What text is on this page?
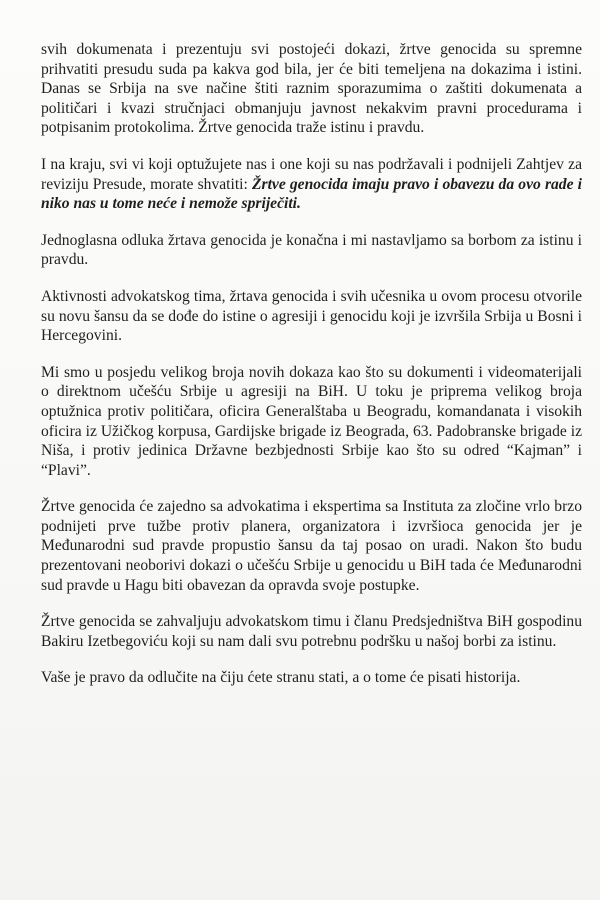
svih dokumenata i prezentuju svi postojeći dokazi, žrtve genocida su spremne prihvatiti presudu suda pa kakva god bila, jer će biti temeljena na dokazima i istini. Danas se Srbija na sve načine štiti raznim sporazumima o zaštiti dokumenata a političari i kvazi stručnjaci obmanjuju javnost nekakvim pravni procedurama i potpisanim protokolima. Žrtve genocida traže istinu i pravdu.

I na kraju, svi vi koji optužujete nas i one koji su nas podržavali i podnijeli Zahtjev za reviziju Presude, morate shvatiti: Žrtve genocida imaju pravo i obavezu da ovo rade i niko nas u tome neće i nemože spriječiti.

Jednoglasna odluka žrtava genocida je konačna i mi nastavljamo sa borbom za istinu i pravdu.

Aktivnosti advokatskog tima, žrtava genocida i svih učesnika u ovom procesu otvorile su novu šansu da se dođe do istine o agresiji i genocidu koji je izvršila Srbija u Bosni i Hercegovini.

Mi smo u posjedu velikog broja novih dokaza kao što su dokumenti i videomaterijali o direktnom učešću Srbije u agresiji na BiH. U toku je priprema velikog broja optužnica protiv političara, oficira Generalštaba u Beogradu, komandanata i visokih oficira iz Užičkog korpusa, Gardijske brigade iz Beograda, 63. Padobranske brigade iz Niša, i protiv jedinica Državne bezbjednosti Srbije kao što su odred “Kajman” i “Plavi”.

Žrtve genocida će zajedno sa advokatima i ekspertima sa Instituta za zločine vrlo brzo podnijeti prve tužbe protiv planera, organizatora i izvršioca genocida jer je Međunarodni sud pravde propustio šansu da taj posao on uradi. Nakon što budu prezentovani neoborivi dokazi o učešću Srbije u genocidu u BiH tada će Međunarodni sud pravde u Hagu biti obavezan da opravda svoje postupke.

Žrtve genocida se zahvaljuju advokatskom timu i članu Predsjedništva BiH gospodinu Bakiru Izetbegoviću koji su nam dali svu potrebnu podršku u našoj borbi za istinu.

Vaše je pravo da odlučite na čiju ćete stranu stati, a o tome će pisati historija.
